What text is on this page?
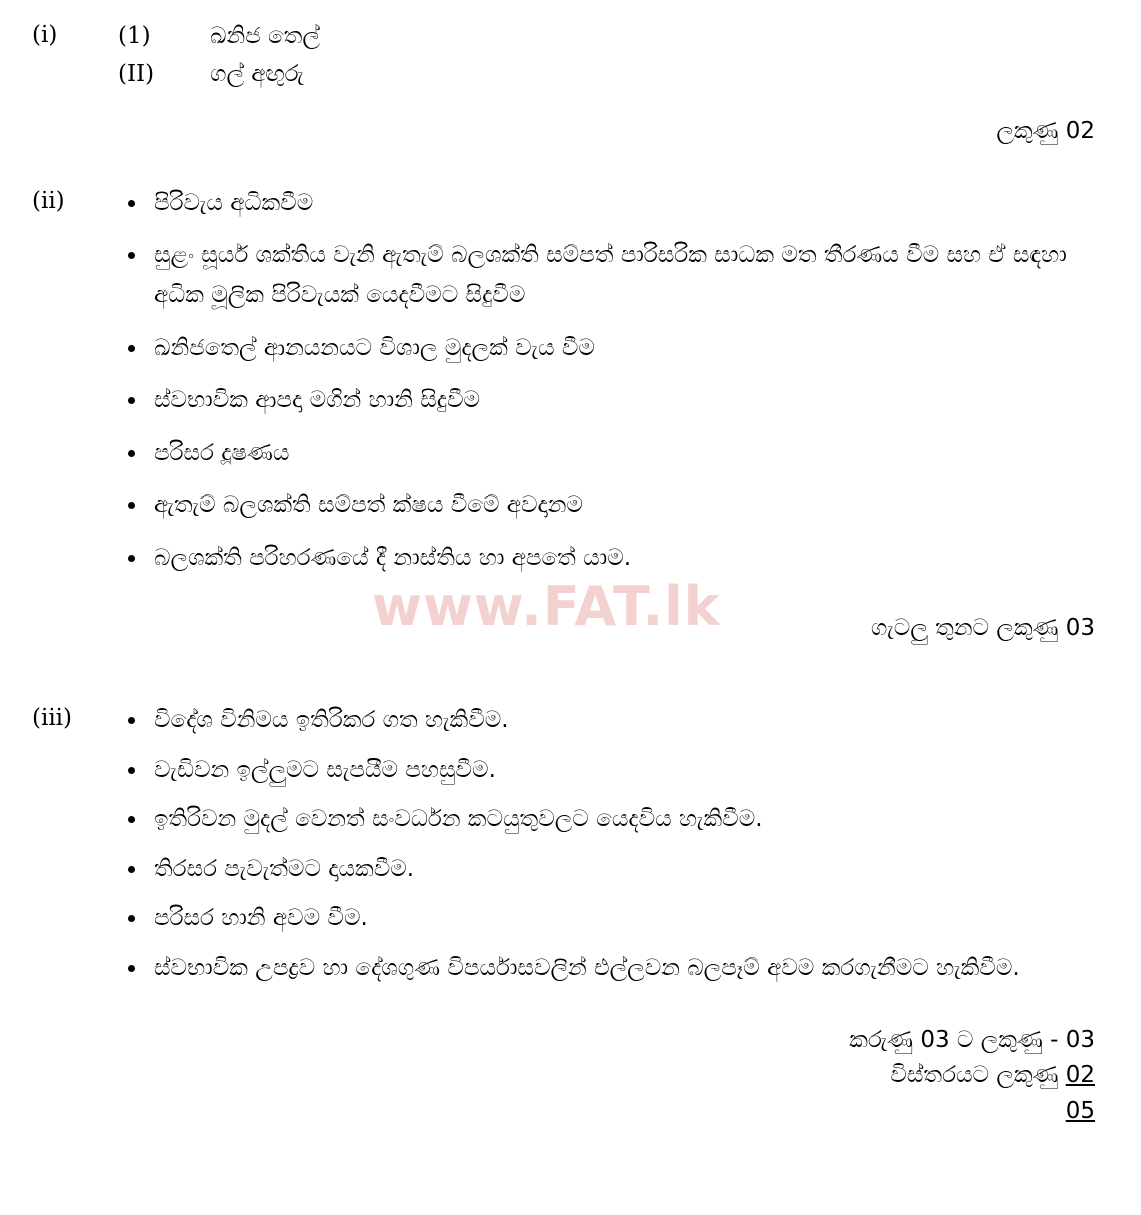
www.FAT.lk
(i)	(1)	ඛනිජ තෙල්
(II)	ගල් අඟුරු
ලකුණු 02
(ii)	පිරිවැය අධිකවීම
සුළං සූර්ය ශක්තිය වැනි ඇතැම් බලශක්ති සම්පත් පාරිසරික සාධක මත තීරණය වීම සහ ඒ සඳහා අධික මූලික පිරිවැයක් යෙදවීමට සිදුවීම
ඛනිජතෙල් ආනයනයට විශාල මුදලක් වැය වීම
ස්වභාවික ආපදා මගින් හානි සිදුවීම
පරිසර දූෂණය
ඇතැම් බලශක්ති සම්පත් ක්ෂය වීමේ අවදානම
බලශක්ති පරිහරණයේ දී නාස්තිය හා අපතේ යාම.
ගැටලු තුනට ලකුණු 03
(iii)	විදේශ විනිමය ඉතිරිකර ගත හැකිවීම.
වැඩිවන ඉල්ලුමට සැපයීම පහසුවීම.
ඉතිරිවන මුදල් වෙනත් සංවර්ධන කටයුතුවලට යෙදවිය හැකිවීම.
තිරසර පැවැත්මට දායකවීම.
පරිසර හානි අවම වීම.
ස්වභාවික උපද්‍රව හා දේශගුණ විපර්යාසවලින් එල්ලවන බලපෑම් අවම කරගැනීමට හැකිවීම.
කරුණු 03 ට ලකුණු - 03
විස්තරයට ලකුණු 02
05
